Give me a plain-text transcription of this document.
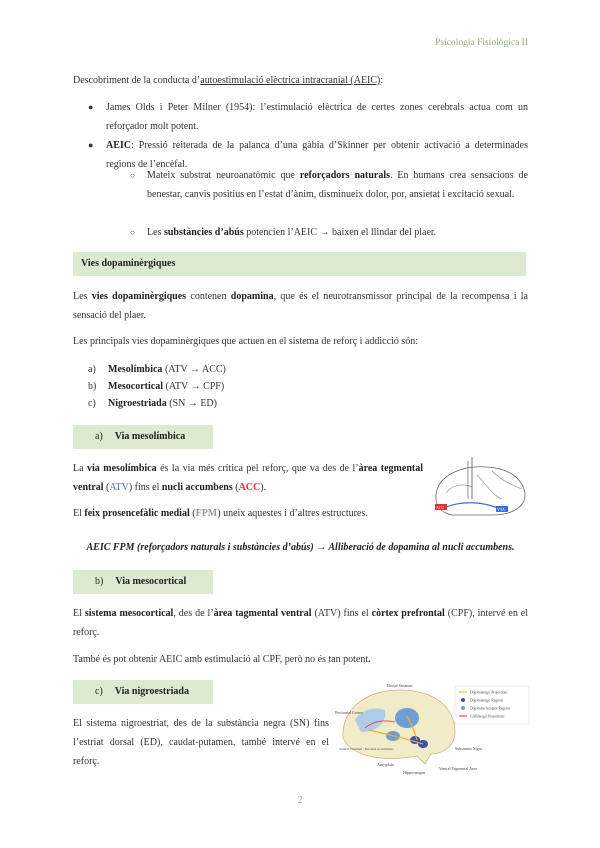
Psicologia Fisiològica II
Descobriment de la conducta d’autoestimulació elèctrica intracranial (AEIC):
● James Olds i Peter Milner (1954): l’estimulació elèctrica de certes zones cerebrals actua com un reforçador molt potent.
● AEIC: Pressió reiterada de la palanca d’una gàbia d’Skinner per obtenir activació a determinades regions de l’encèfal.
○ Mateix substrat neuroanatòmic que reforçadors naturals. En humans crea sensacions de benestar, canvis positius en l’estat d’ànim, disminueix dolor, por, ansietat i excitació sexual.
○ Les substàncies d’abús potencien l’AEIC → baixen el llindar del plaer.
Vies dopaminèrgiques
Les vies dopaminèrgiques contenen dopamina, que és el neurotransmissor principal de la recompensa i la sensació del plaer.
Les principals vies dopaminèrgiques que actuen en el sistema de reforç i addicció són:
a) Mesolímbica (ATV → ACC)
b) Mesocortical (ATV → CPF)
c) Nigroestriada (SN → ED)
a) Via mesolímbica
La via mesolímbica és la via més crítica pel reforç, que va des de l’àrea tegmental ventral (ATV) fins el nucli accumbens (ACC).
El feix prosencefàlic medial (FPM) uneix aquestes i d’altres estructures.
ACC	VTA
AEIC FPM (reforçadors naturals i substàncies d’abús) → Alliberació de dopamina al nucli accumbens.
b) Via mesocortical
El sistema mesocortical, des de l’àrea tagmental ventral (ATV) fins el còrtex prefrontal (CPF), intervé en el reforç.
També és pot obtenir AEIC amb estimulació al CPF, però no és tan potent.
c) Via nigroestriada
El sistema nigroestriat, des de la substància negra (SN) fins l’estriat dorsal (ED), caudat-putamen, també intervé en el reforç.
Dorsal Striatum
Prefrontal Cortex
Ventral Striatum / Nucleus Accumbens
Amygdala
Hippocampus
Substantia Nigra
Ventral Tegmental Area
Dopaminergic Projections
Dopaminergic Regions
Dopamine receptor Regions
GABAergic Projections
2
